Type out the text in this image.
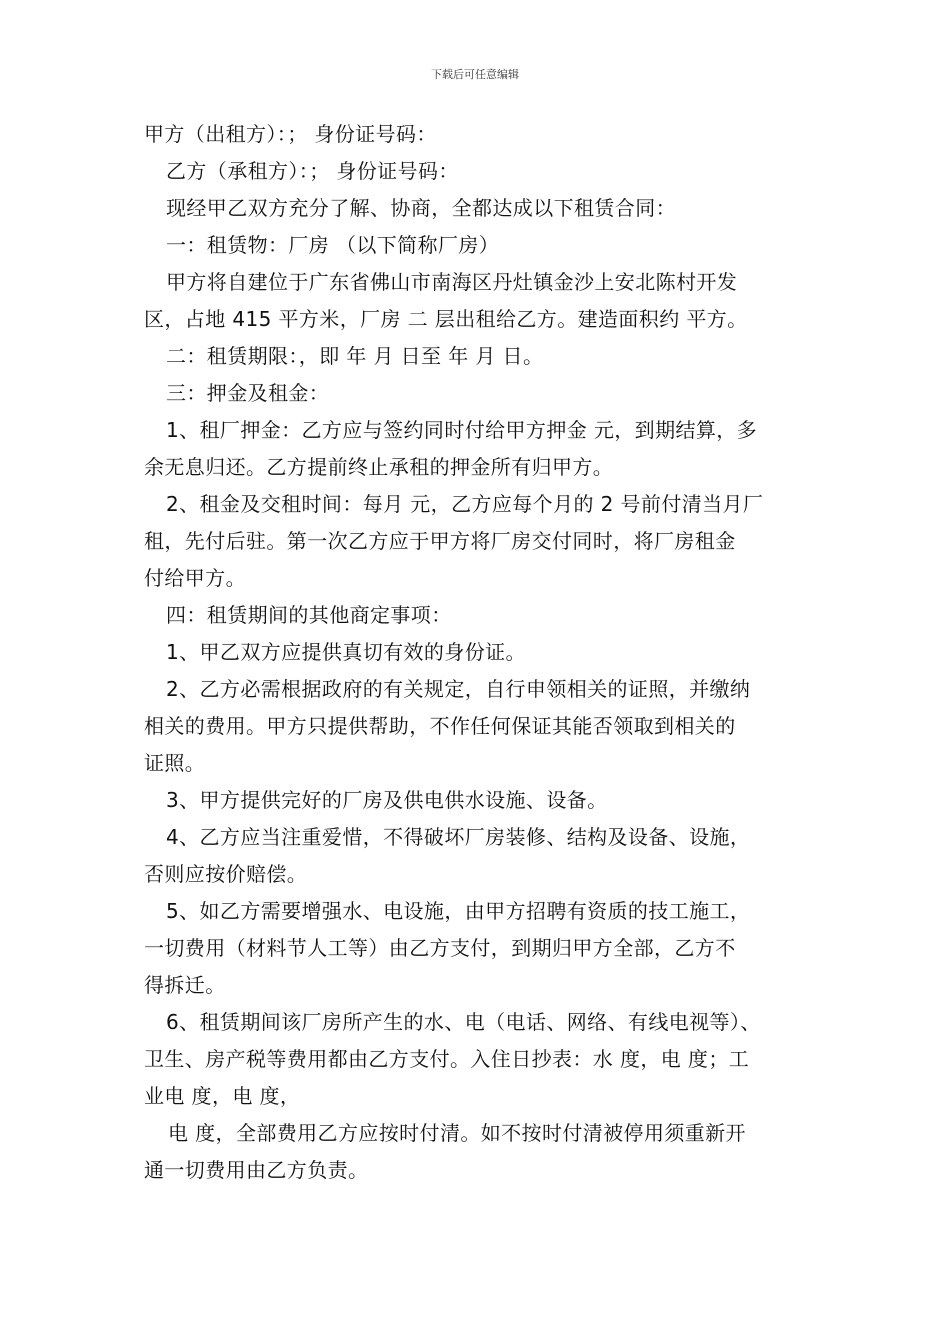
下载后可任意编辑

甲方（出租方）：； 身份证号码：

乙方（承租方）：； 身份证号码：

现经甲乙双方充分了解、协商，全都达成以下租赁合同：

一：租赁物：厂房 （以下简称厂房）

甲方将自建位于广东省佛山市南海区丹灶镇金沙上安北陈村开发

区，占地 415 平方米，厂房 二 层出租给乙方。建造面积约 平方。

二：租赁期限：，即 年 月 日至 年 月 日。

三：押金及租金：

1、租厂押金：乙方应与签约同时付给甲方押金 元，到期结算，多

余无息归还。乙方提前终止承租的押金所有归甲方。

2、租金及交租时间：每月 元，乙方应每个月的 2 号前付清当月厂

租，先付后驻。第一次乙方应于甲方将厂房交付同时，将厂房租金

付给甲方。

四：租赁期间的其他商定事项：

1、甲乙双方应提供真切有效的身份证。

2、乙方必需根据政府的有关规定，自行申领相关的证照，并缴纳

相关的费用。甲方只提供帮助，不作任何保证其能否领取到相关的

证照。

3、甲方提供完好的厂房及供电供水设施、设备。

4、乙方应当注重爱惜，不得破坏厂房装修、结构及设备、设施，

否则应按价赔偿。

5、如乙方需要增强水、电设施，由甲方招聘有资质的技工施工，

一切费用（材料节人工等）由乙方支付，到期归甲方全部，乙方不

得拆迁。

6、租赁期间该厂房所产生的水、电（电话、网络、有线电视等）、

卫生、房产税等费用都由乙方支付。入住日抄表：水 度，电 度；工

业电 度，电 度，

电 度，全部费用乙方应按时付清。如不按时付清被停用须重新开

通一切费用由乙方负责。
